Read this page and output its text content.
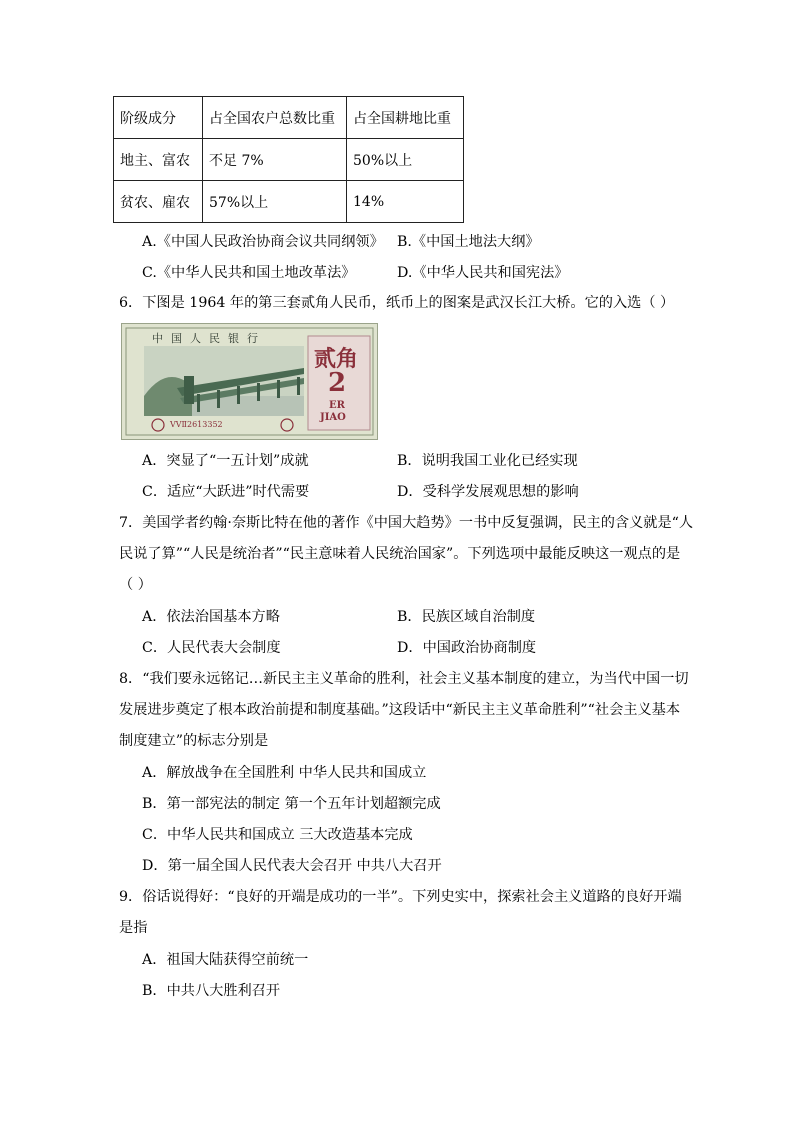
阶级成分	占全国农户总数比重	占全国耕地比重
地主、富农	不足 7%	50%以上
贫农、雇农	57%以上	14%
A.《中国人民政治协商会议共同纲领》 B.《中国土地法大纲》
C.《中华人民共和国土地改革法》	D.《中华人民共和国宪法》
6．下图是 1964 年的第三套贰角人民币，纸币上的图案是武汉长江大桥。它的入选（ ）
中国人民银行
贰角
2
ER
JIAO
VVⅡ2613352
A．突显了“一五计划”成就	B．说明我国工业化已经实现
C．适应“大跃进”时代需要	D．受科学发展观思想的影响
7．美国学者约翰·奈斯比特在他的著作《中国大趋势》一书中反复强调，民主的含义就是“人
民说了算”“人民是统治者”“民主意味着人民统治国家”。下列选项中最能反映这一观点的是
（ ）
A．依法治国基本方略	B．民族区域自治制度
C．人民代表大会制度	D．中国政治协商制度
8．“我们要永远铭记…新民主主义革命的胜利，社会主义基本制度的建立，为当代中国一切
发展进步奠定了根本政治前提和制度基础。”这段话中“新民主主义革命胜利”“社会主义基本
制度建立”的标志分别是
A．解放战争在全国胜利 中华人民共和国成立
B．第一部宪法的制定 第一个五年计划超额完成
C．中华人民共和国成立 三大改造基本完成
D．第一届全国人民代表大会召开 中共八大召开
9．俗话说得好：“良好的开端是成功的一半”。下列史实中，探索社会主义道路的良好开端
是指
A．祖国大陆获得空前统一
B．中共八大胜利召开
